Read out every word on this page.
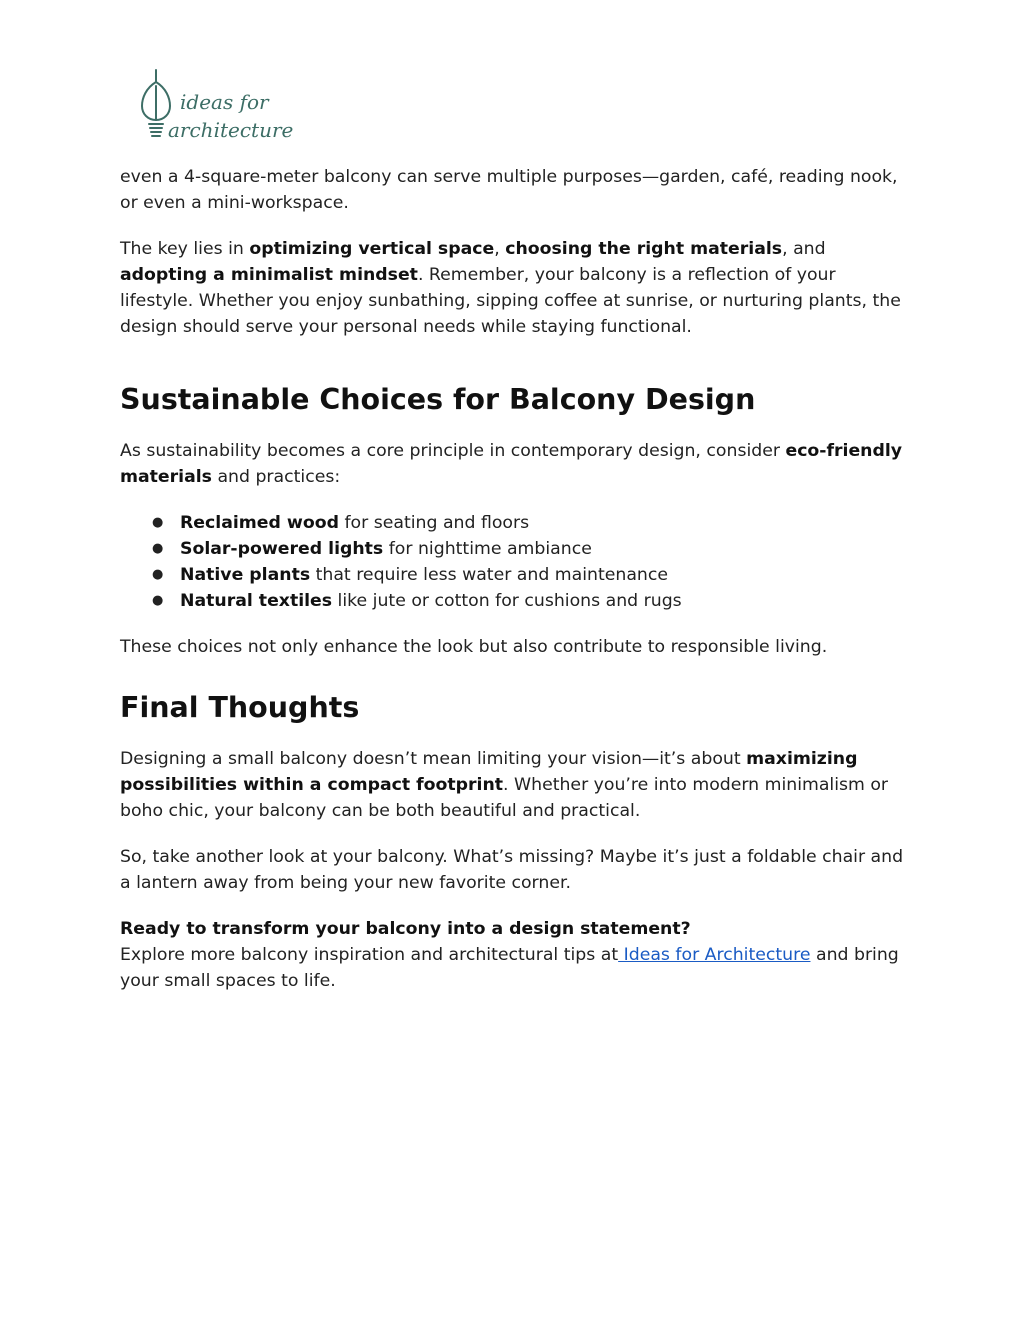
ideas for
architecture

even a 4-square-meter balcony can serve multiple purposes—garden, café, reading nook, or even a mini-workspace.

The key lies in optimizing vertical space, choosing the right materials, and adopting a minimalist mindset. Remember, your balcony is a reflection of your lifestyle. Whether you enjoy sunbathing, sipping coffee at sunrise, or nurturing plants, the design should serve your personal needs while staying functional.

Sustainable Choices for Balcony Design

As sustainability becomes a core principle in contemporary design, consider eco-friendly materials and practices:

● Reclaimed wood for seating and floors
● Solar-powered lights for nighttime ambiance
● Native plants that require less water and maintenance
● Natural textiles like jute or cotton for cushions and rugs

These choices not only enhance the look but also contribute to responsible living.

Final Thoughts

Designing a small balcony doesn’t mean limiting your vision—it’s about maximizing possibilities within a compact footprint. Whether you’re into modern minimalism or boho chic, your balcony can be both beautiful and practical.

So, take another look at your balcony. What’s missing? Maybe it’s just a foldable chair and a lantern away from being your new favorite corner.

Ready to transform your balcony into a design statement?
Explore more balcony inspiration and architectural tips at Ideas for Architecture and bring your small spaces to life.
